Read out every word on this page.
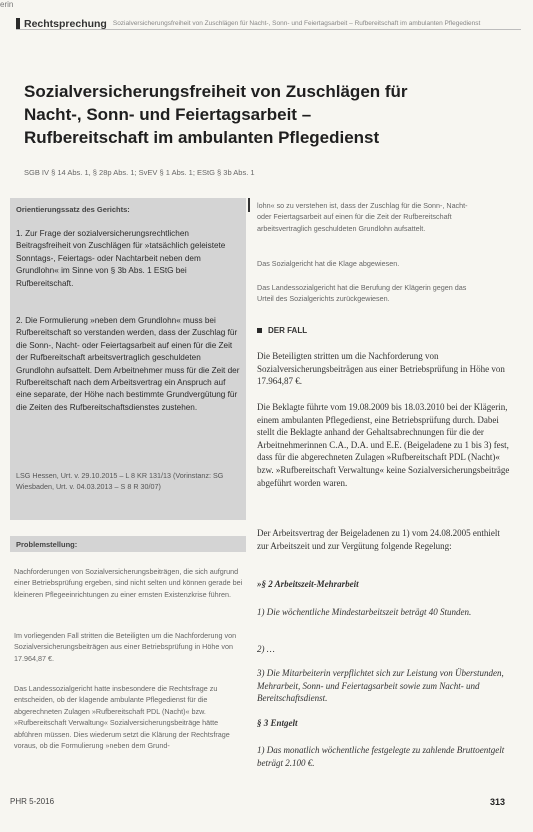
erin
Rechtsprechung Sozialversicherungsfreiheit von Zuschlägen für Nacht-, Sonn- und Feiertagsarbeit – Rufbereitschaft im ambulanten Pflegedienst
Sozialversicherungsfreiheit von Zuschlägen für
Nacht-, Sonn- und Feiertagsarbeit –
Rufbereitschaft im ambulanten Pflegedienst
SGB IV § 14 Abs. 1, § 28p Abs. 1; SvEV § 1 Abs. 1; EStG § 3b Abs. 1
Orientierungssatz des Gerichts:

1. Zur Frage der sozialversicherungsrechtlichen Beitragsfreiheit von Zuschlägen für »tatsächlich geleistete Sonntags-, Feiertags- oder Nachtarbeit neben dem Grundlohn« im Sinne von § 3b Abs. 1 EStG bei Rufbereitschaft.

2. Die Formulierung »neben dem Grundlohn« muss bei Rufbereitschaft so verstanden werden, dass der Zuschlag für die Sonn-, Nacht- oder Feiertagsarbeit auf einen für die Zeit der Rufbereitschaft arbeitsvertraglich geschuldeten Grundlohn aufsattelt. Dem Arbeitnehmer muss für die Zeit der Rufbereitschaft nach dem Arbeitsvertrag ein Anspruch auf eine separate, der Höhe nach bestimmte Grundvergütung für die Zeiten des Rufbereitschaftsdienstes zustehen.

LSG Hessen, Urt. v. 29.10.2015 – L 8 KR 131/13 (Vorinstanz: SG Wiesbaden, Urt. v. 04.03.2013 – S 8 R 30/07)

Problemstellung:

Nachforderungen von Sozialversicherungsbeiträgen, die sich aufgrund einer Betriebsprüfung ergeben, sind nicht selten und können gerade bei kleineren Pflegeeinrichtungen zu einer ernsten Existenzkrise führen.

Im vorliegenden Fall stritten die Beteiligten um die Nachforderung von Sozialversicherungsbeiträgen aus einer Betriebsprüfung in Höhe von 17.964,87 €.

Das Landessozialgericht hatte insbesondere die Rechtsfrage zu entscheiden, ob der klagende ambulante Pflegedienst für die abgerechneten Zulagen »Rufbereitschaft PDL (Nacht)« bzw. »Rufbereitschaft Verwaltung« Sozialversicherungsbeiträge hätte abführen müssen. Dies wiederum setzt die Klärung der Rechtsfrage voraus, ob die Formulierung »neben dem Grund-

lohn« so zu verstehen ist, dass der Zuschlag für die Sonn-, Nacht- oder Feiertagsarbeit auf einen für die Zeit der Rufbereitschaft arbeitsvertraglich geschuldeten Grundlohn aufsattelt.

Das Sozialgericht hat die Klage abgewiesen.

Das Landessozialgericht hat die Berufung der Klägerin gegen das Urteil des Sozialgerichts zurückgewiesen.

DER FALL

Die Beteiligten stritten um die Nachforderung von Sozialversicherungsbeiträgen aus einer Betriebsprüfung in Höhe von 17.964,87 €.

Die Beklagte führte vom 19.08.2009 bis 18.03.2010 bei der Klägerin, einem ambulanten Pflegedienst, eine Betriebsprüfung durch. Dabei stellt die Beklagte anhand der Gehaltsabrechnungen für die der Arbeitnehmerinnen C.A., D.A. und E.E. (Beigeladene zu 1 bis 3) fest, dass für die abgerechneten Zulagen »Rufbereitschaft PDL (Nacht)« bzw. »Rufbereitschaft Verwaltung« keine Sozialversicherungsbeiträge abgeführt worden waren.

Der Arbeitsvertrag der Beigeladenen zu 1) vom 24.08.2005 enthielt zur Arbeitszeit und zur Vergütung folgende Regelung:

»§ 2 Arbeitszeit-Mehrarbeit

1) Die wöchentliche Mindestarbeitszeit beträgt 40 Stunden.

2) …

3) Die Mitarbeiterin verpflichtet sich zur Leistung von Überstunden, Mehrarbeit, Sonn- und Feiertagsarbeit sowie zum Nacht- und Bereitschaftsdienst.

§ 3 Entgelt

1) Das monatlich wöchentliche festgelegte zu zahlende Bruttoentgelt beträgt 2.100 €.

PHR 5-2016	313
